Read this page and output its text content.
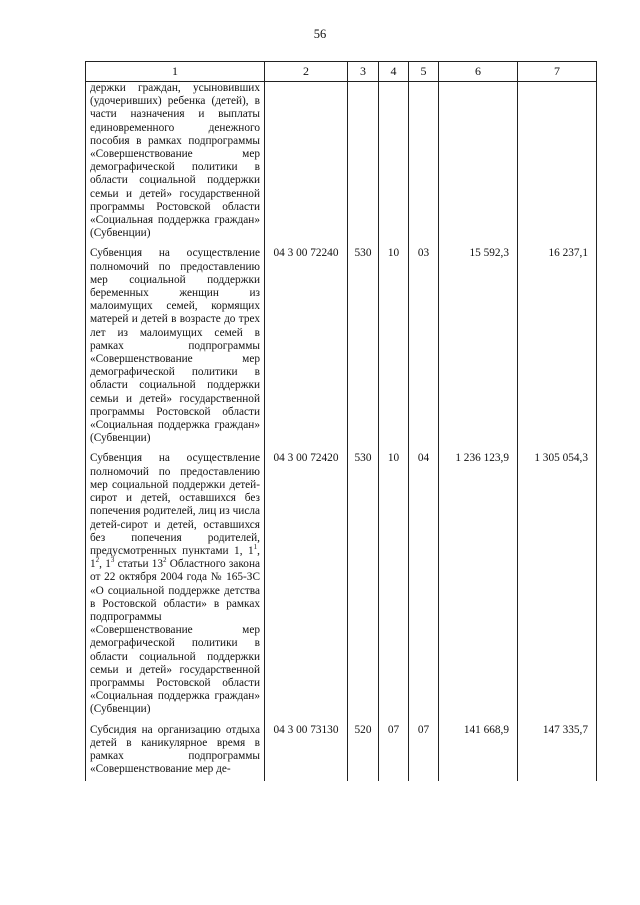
56
1	2	3	4	5	6	7
держки граждан, усыновивших (удочеривших) ребенка (детей), в части назначения и выплаты единовременного денежного пособия в рамках подпрограммы «Совершенствование мер демографической политики в области социальной поддержки семьи и детей» государственной программы Ростовской области «Социальная поддержка граждан» (Субвенции)						
Субвенция на осуществление полномочий по предоставлению мер социальной поддержки беременных женщин из малоимущих семей, кормящих матерей и детей в возрасте до трех лет из малоимущих семей в рамках подпрограммы «Совершенствование мер демографической политики в области социальной поддержки семьи и детей» государственной программы Ростовской области «Социальная поддержка граждан» (Субвенции)	04 3 00 72240	530	10	03	15 592,3	16 237,1
Субвенция на осуществление полномочий по предоставлению мер социальной поддержки детей-сирот и детей, оставшихся без попечения родителей, лиц из числа детей-сирот и детей, оставшихся без попечения родителей, предусмотренных пунктами 1, $1^1$, $1^2$, $1^3$ статьи $13^2$ Областного закона от 22 октября 2004 года № 165-ЗС «О социальной поддержке детства в Ростовской области» в рамках подпрограммы «Совершенствование мер демографической политики в области социальной поддержки семьи и детей» государственной программы Ростовской области «Социальная поддержка граждан» (Субвенции)	04 3 00 72420	530	10	04	1 236 123,9	1 305 054,3
Субсидия на организацию отдыха детей в каникулярное время в рамках подпрограммы «Совершенствование мер де-	04 3 00 73130	520	07	07	141 668,9	147 335,7
